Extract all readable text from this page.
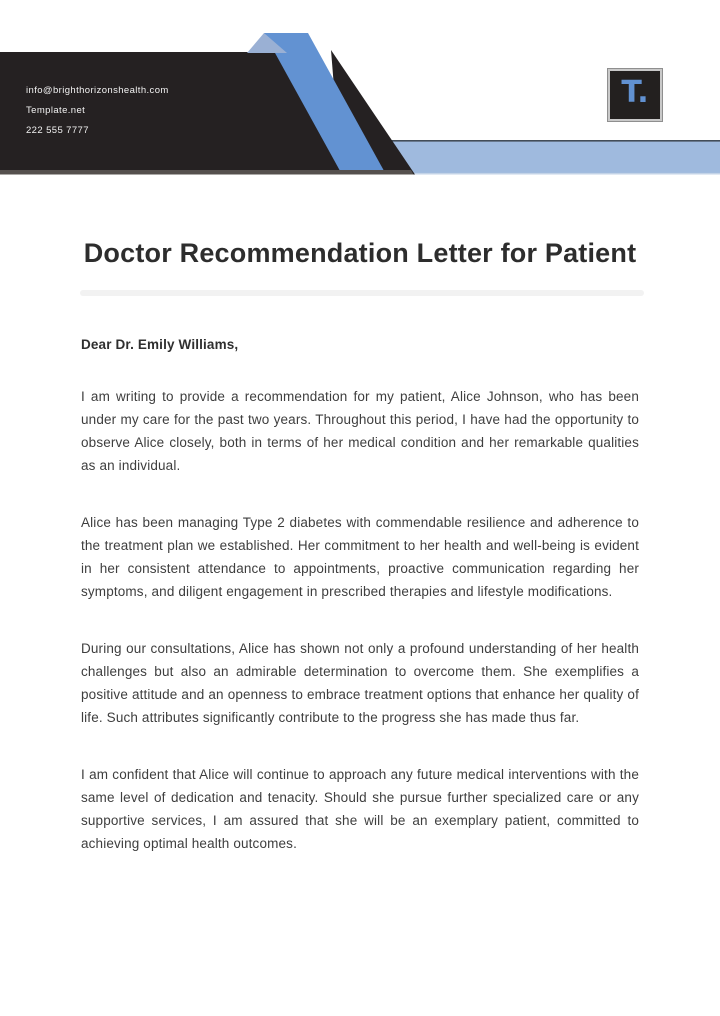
info@brighthorizonshealth.com
Template.net
222 555 7777
T.
Doctor Recommendation Letter for Patient

Dear Dr. Emily Williams,

I am writing to provide a recommendation for my patient, Alice Johnson, who has been under my care for the past two years. Throughout this period, I have had the opportunity to observe Alice closely, both in terms of her medical condition and her remarkable qualities as an individual.

Alice has been managing Type 2 diabetes with commendable resilience and adherence to the treatment plan we established. Her commitment to her health and well-being is evident in her consistent attendance to appointments, proactive communication regarding her symptoms, and diligent engagement in prescribed therapies and lifestyle modifications.

During our consultations, Alice has shown not only a profound understanding of her health challenges but also an admirable determination to overcome them. She exemplifies a positive attitude and an openness to embrace treatment options that enhance her quality of life. Such attributes significantly contribute to the progress she has made thus far.

I am confident that Alice will continue to approach any future medical interventions with the same level of dedication and tenacity. Should she pursue further specialized care or any supportive services, I am assured that she will be an exemplary patient, committed to achieving optimal health outcomes.
